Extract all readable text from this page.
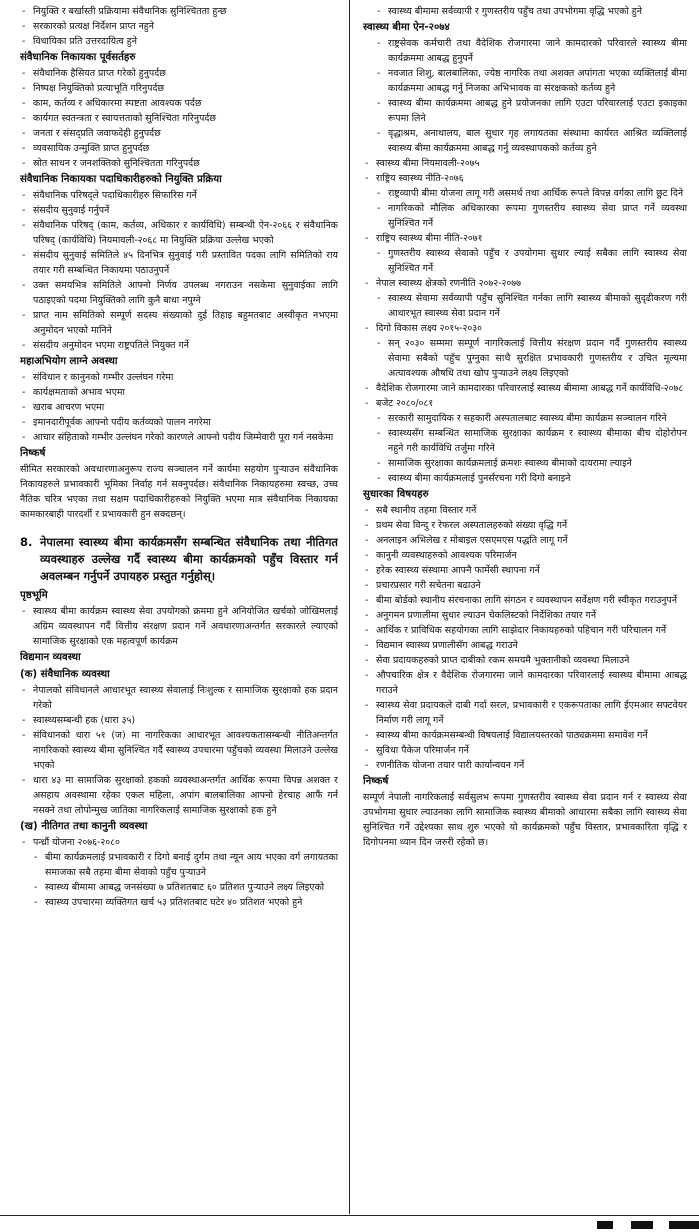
- नियुक्ति र बर्खास्ती प्रक्रियामा संवैधानिक सुनिश्चितता हुन्छ
- सरकारको प्रत्यक्ष निर्देशन प्राप्त नहुने
- विधायिका प्रति उत्तरदायित्व हुने
संवैधानिक निकायका पूर्वसर्तहरु
- संवैधानिक हैसियत प्राप्त गरेको हुनुपर्दछ
- निष्पक्ष नियुक्तिको प्रत्याभूति गरिनुपर्दछ
- काम, कर्तव्य र अधिकारमा स्पष्टता आवश्यक पर्दछ
- कार्यगत स्वतन्त्रता र स्वायत्तताको सुनिश्चिता गरिनुपर्दछ
- जनता र संसद्प्रति जवाफदेही हुनुपर्दछ
- व्यवसायिक उन्मुक्ति प्राप्त हुनुपर्दछ
- स्रोत साधन र जनशक्तिको सुनिश्चितता गरिनुपर्दछ
संवैधानिक निकायका पदाधिकारीहरुको नियुक्ति प्रक्रिया
- संवैधानिक परिषद्ले पदाधिकारीहरु सिफारिस गर्ने
- संसदीय सुनुवाई गर्नुपर्ने
- संवैधानिक परिषद् (काम, कर्तव्य, अधिकार र कार्यविधि) सम्बन्धी ऐन-२०६६ र संवैधानिक परिषद् (कार्यविधि) नियमावली-२०६८ मा नियुक्ति प्रक्रिया उल्लेख भएको
- संसदीय सुनुवाई समितिले ४५ दिनभित्र सुनुवाई गरी प्रस्तावित पदका लागि समितिको राय तयार गरी सम्बन्धित निकायमा पठाउनुपर्ने
- उक्त समयभित्र समितिले आफ्नो निर्णय उपलब्ध नगराउन नसकेमा सुनुवाईका लागि पठाइएको पदमा नियुक्तिको लागि कुनै बाधा नपुग्ने
- प्राप्त नाम समितिको सम्पूर्ण सदस्य संख्याको दुई तिहाइ बहुमतबाट अस्वीकृत नभएमा अनुमोदन भएको मानिने
- संसदीय अनुमोदन भएमा राष्ट्रपतिले नियुक्त गर्ने
महाअभियोग लाग्ने अवस्था
- संविधान र कानुनको गम्भीर उल्लंघन गरेमा
- कार्यक्षमताको अभाव भएमा
- खराब आचरण भएमा
- इमानदारीपूर्वक आफ्नो पदीय कर्तव्यको पालन नगरेमा
- आचार संहिताको गम्भीर उल्लंघन गरेको कारणले आफ्नो पदीय जिम्मेवारी पूरा गर्न नसकेमा
निष्कर्ष
सीमित सरकारको अवधारणाअनुरूप राज्य सञ्चालन गर्ने कार्यमा सहयोग पुऱ्याउन संवैधानिक निकायहरुले प्रभावकारी भूमिका निर्वाह गर्न सक्नुपर्दछ। संवैधानिक निकायहरुमा स्वच्छ, उच्च नैतिक चरित्र भएका तथा सक्षम पदाधिकारीहरुको नियुक्ति भएमा मात्र संवैधानिक निकायका कामकारबाही पारदर्शी र प्रभावकारी हुन सक्दछन्।
8. नेपालमा स्वास्थ्य बीमा कार्यक्रमसँग सम्बन्धित संवैधानिक तथा नीतिगत व्यवस्थाहरु उल्लेख गर्दै स्वास्थ्य बीमा कार्यक्रमको पहुँच विस्तार गर्न अवलम्बन गर्नुपर्ने उपायहरु प्रस्तुत गर्नुहोस्।
पृष्ठभूमि
- स्वास्थ्य बीमा कार्यक्रम स्वास्थ्य सेवा उपयोगको क्रममा हुने अनियोजित खर्चको जोखिमलाई अग्रिम व्यवस्थापन गर्दै वित्तीय संरक्षण प्रदान गर्ने अवधारणाअन्तर्गत सरकारले ल्याएको सामाजिक सुरक्षाको एक महत्वपूर्ण कार्यक्रम
विद्यमान व्यवस्था
(क) संवैधानिक व्यवस्था
- नेपालको संविधानले आधारभूत स्वास्थ्य सेवालाई निःशुल्क र सामाजिक सुरक्षाको हक प्रदान गरेको
- स्वास्थ्यसम्बन्धी हक (धारा ३५)
- संविधानको धारा ५१ (ज) मा नागरिकका आधारभूत आवश्यकतासम्बन्धी नीतिअन्तर्गत नागरिकको स्वास्थ्य बीमा सुनिश्चित गर्दै स्वास्थ्य उपचारमा पहुँचको व्यवस्था मिलाउने उल्लेख भएको
- धारा ४३ मा सामाजिक सुरक्षाको हकको व्यवस्थाअन्तर्गत आर्थिक रूपमा विपन्न अशक्त र असहाय अवस्थामा रहेका एकल महिला, अपांग बालबालिका आफ्नो हेरचाह आफैं गर्न नसक्ने तथा लोपोन्मुख जातिका नागरिकलाई सामाजिक सुरक्षाको हक हुने
(ख) नीतिगत तथा कानुनी व्यवस्था
- पन्ध्रौं योजना २०७६-२०८०
- बीमा कार्यक्रमलाई प्रभावकारी र दिगो बनाई दुर्गम तथा न्यून आय भएका वर्ग लगायतका समाजका सबै तहमा बीमा सेवाको पहुँच पुऱ्याउने
- स्वास्थ्य बीमामा आबद्ध जनसंख्या ७ प्रतिशतबाट ६० प्रतिशत पुऱ्याउने लक्ष्य लिइएको
- स्वास्थ्य उपचारमा व्यक्तिगत खर्च ५३ प्रतिशतबाट घटेर ४० प्रतिशत भएको हुने
- स्वास्थ्य बीमामा सर्वव्यापी र गुणस्तरीय पहुँच तथा उपभोगमा वृद्धि भएको हुने
स्वास्थ्य बीमा ऐन-२०७४
- राष्ट्रसेवक कर्मचारी तथा वैदेशिक रोजगारमा जाने कामदारको परिवारले स्वास्थ्य बीमा कार्यक्रममा आबद्ध हुनुपर्ने
- नवजात शिशु, बालबालिका, ज्येष्ठ नागरिक तथा अशक्त अपांगता भएका व्यक्तिलाई बीमा कार्यक्रममा आबद्ध गर्नु निजका अभिभावक वा संरक्षकको कर्तव्य हुने
- स्वास्थ्य बीमा कार्यक्रममा आबद्ध हुने प्रयोजनका लागि एउटा परिवारलाई एउटा इकाइका रूपमा लिने
- वृद्धाश्रम, अनाथालय, बाल सुधार गृह लगायतका संस्थामा कार्यरत आश्रित व्यक्तिलाई स्वास्थ्य बीमा कार्यक्रममा आबद्ध गर्नु व्यवस्थापकको कर्तव्य हुने
- स्वास्थ्य बीमा नियमावली-२०७५
- राष्ट्रिय स्वास्थ्य नीति-२०७६
- राष्ट्रव्यापी बीमा योजना लागू गरी असमर्थ तथा आर्थिक रूपले विपन्न वर्गका लागि छुट दिने
- नागरिकको मौलिक अधिकारका रूपमा गुणस्तरीय स्वास्थ्य सेवा प्राप्त गर्ने व्यवस्था सुनिश्चित गर्ने
- राष्ट्रिय स्वास्थ्य बीमा नीति-२०७१
- गुणस्तरीय स्वास्थ्य सेवाको पहुँच र उपयोगमा सुधार ल्याई सबैका लागि स्वास्थ्य सेवा सुनिश्चित गर्ने
- नेपाल स्वास्थ्य क्षेत्रको रणनीति २०७२-२०७७
- स्वास्थ्य सेवामा सर्वव्यापी पहुँच सुनिश्चित गर्नका लागि स्वास्थ्य बीमाको सुदृढीकरण गरी आधारभूत स्वास्थ्य सेवा प्रदान गर्ने
- दिगो विकास लक्ष्य २०१५-२०३०
- सन् २०३० सम्ममा सम्पूर्ण नागरिकलाई वित्तीय संरक्षण प्रदान गर्दै गुणस्तरीय स्वास्थ्य सेवामा सबैको पहुँच पुग्नुका साथै सुरक्षित प्रभावकारी गुणस्तरीय र उचित मूल्यमा अत्यावश्यक औषधि तथा खोप पुऱ्याउने लक्ष्य लिइएको
- वैदेशिक रोजगारमा जाने कामदारका परिवारलाई स्वास्थ्य बीमामा आबद्ध गर्ने कार्यविधि-२०७८
- बजेट २०८०/०८१
- सरकारी सामुदायिक र सहकारी अस्पतालबाट स्वास्थ्य बीमा कार्यक्रम सञ्चालन गरिने
- स्वास्थ्यसँग सम्बन्धित सामाजिक सुरक्षाका कार्यक्रम र स्वास्थ्य बीमाका बीच दोहोरोपन नहुने गरी कार्यविधि तर्जुमा गरिने
- सामाजिक सुरक्षाका कार्यक्रमलाई क्रमशः स्वास्थ्य बीमाको दायरामा ल्याइने
- स्वास्थ्य बीमा कार्यक्रमलाई पुनर्संरचना गरी दिगो बनाइने
सुधारका विषयहरु
- सबै स्थानीय तहमा विस्तार गर्ने
- प्रथम सेवा विन्दु र रेफरल अस्पतालहरुको संख्या वृद्धि गर्ने
- अनलाइन अभिलेख र मोबाइल एसएमएस पद्धति लागू गर्ने
- कानुनी व्यवस्थाहरुको आवश्यक परिमार्जन
- हरेक स्वास्थ्य संस्थामा आफ्नै फार्मेसी स्थापना गर्ने
- प्रचारप्रसार गरी सचेतना बढाउने
- बीमा बोर्डको स्थानीय संरचनाका लागि संगठन र व्यवस्थापन सर्वेक्षण गरी स्वीकृत गराउनुपर्ने
- अनुगमन प्रणालीमा सुधार ल्याउन चेकलिस्टको निर्देशिका तयार गर्ने
- आर्थिक र प्राविधिक सहयोगका लागि साझेदार निकायहरुको पहिचान गरी परिचालन गर्ने
- विद्यमान स्वास्थ्य प्रणालीसँग आबद्ध गराउने
- सेवा प्रदायकहरुको प्राप्त दाबीको रकम समयमै भुक्तानीको व्यवस्था मिलाउने
- औपचारिक क्षेत्र र वैदेशिक रोजगारमा जाने कामदारका परिवारलाई स्वास्थ्य बीमामा आबद्ध गराउने
- स्वास्थ्य सेवा प्रदायकले दाबी गर्दा सरल, प्रभावकारी र एकरूपताका लागि ईएमआर सफ्टवेयर निर्माण गरी लागू गर्ने
- स्वास्थ्य बीमा कार्यक्रमसम्बन्धी विषयलाई विद्यालयस्तरको पाठ्यक्रममा समावेश गर्ने
- सुविधा पैकेज परिमार्जन गर्ने
- रणनीतिक योजना तयार पारी कार्यान्वयन गर्ने
निष्कर्ष
सम्पूर्ण नेपाली नागरिकलाई सर्वसुलभ रूपमा गुणस्तरीय स्वास्थ्य सेवा प्रदान गर्न र स्वास्थ्य सेवा उपभोगमा सुधार ल्याउनका लागि सामाजिक स्वास्थ्य बीमाको आधारमा सबैका लागि स्वास्थ्य सेवा सुनिश्चित गर्ने उद्देश्यका साथ शुरु भएको यो कार्यक्रमको पहुँच विस्तार, प्रभावकारिता वृद्धि र दिगोपनमा ध्यान दिन जरुरी रहेको छ।
